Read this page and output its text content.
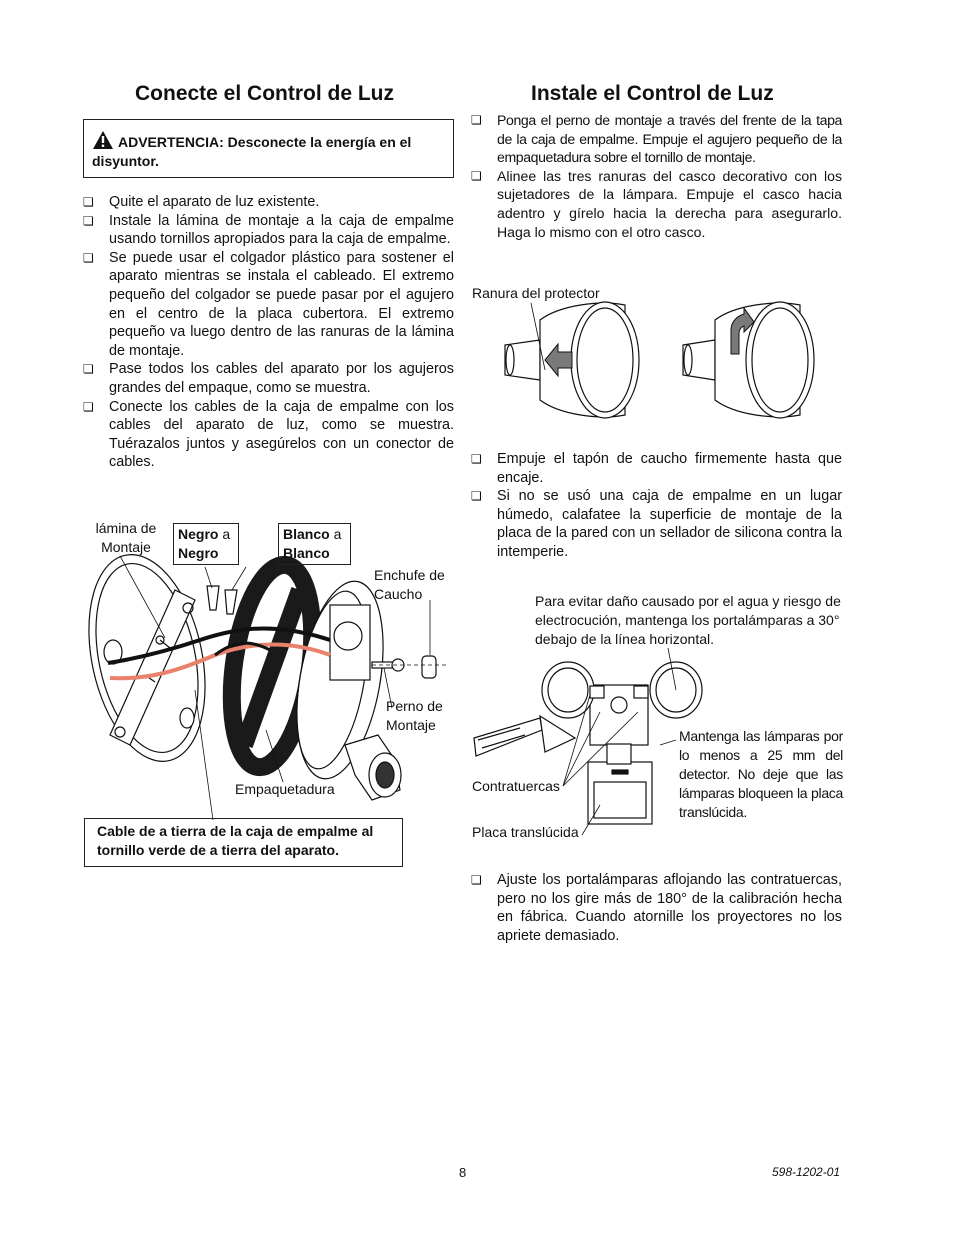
Conecte el Control de Luz
ADVERTENCIA: Desconecte la energía en el disyuntor.
❏ Quite el aparato de luz existente.
❏ Instale la lámina de montaje a la caja de empalme usando tornillos apropiados para la caja de empalme.
❏ Se puede usar el colgador plástico para sostener el aparato mientras se instala el cableado. El extremo pequeño del colgador se puede pasar por el agujero en el centro de la placa cubertora. El extremo pequeño va luego dentro de las ranuras de la lámina de montaje.
❏ Pase todos los cables del aparato por los agujeros grandes del empaque, como se muestra.
❏ Conecte los cables de la caja de empalme con los cables del aparato de luz, como se muestra. Tuérazalos juntos y asegúrelos con un conector de cables.
lámina de Montaje
Negro a
Negro
Blanco a
Blanco
Enchufe de Caucho
Perno de Montaje
Empaquetadura
Cable de a tierra de la caja de empalme al tornillo verde de a tierra del aparato.
Instale el Control de Luz
❏ Ponga el perno de montaje a través del frente de la tapa de la caja de empalme. Empuje el agujero pequeño de la empaquetadura sobre el tornillo de montaje.
❏ Alinee las tres ranuras del casco decorativo con los sujetadores de la lámpara. Empuje el casco hacia adentro y gírelo hacia la derecha para asegurarlo. Haga lo mismo con el otro casco.
Ranura del protector
❏ Empuje el tapón de caucho firmemente hasta que encaje.
❏ Si no se usó una caja de empalme en un lugar húmedo, calafatee la superficie de montaje de la placa de la pared con un sellador de silicona contra la intemperie.
Para evitar daño causado por el agua y riesgo de electrocución, mantenga los portalámparas a 30° debajo de la línea horizontal.
Mantenga las lámparas por lo menos a 25 mm del detector. No deje que las lámparas bloqueen la placa translúcida.
Contratuercas
Placa translúcida
❏ Ajuste los portalámparas aflojando las contratuercas, pero no los gire más de 180° de la calibración hecha en fábrica. Cuando atornille los proyectores no los apriete demasiado.
8	598-1202-01
